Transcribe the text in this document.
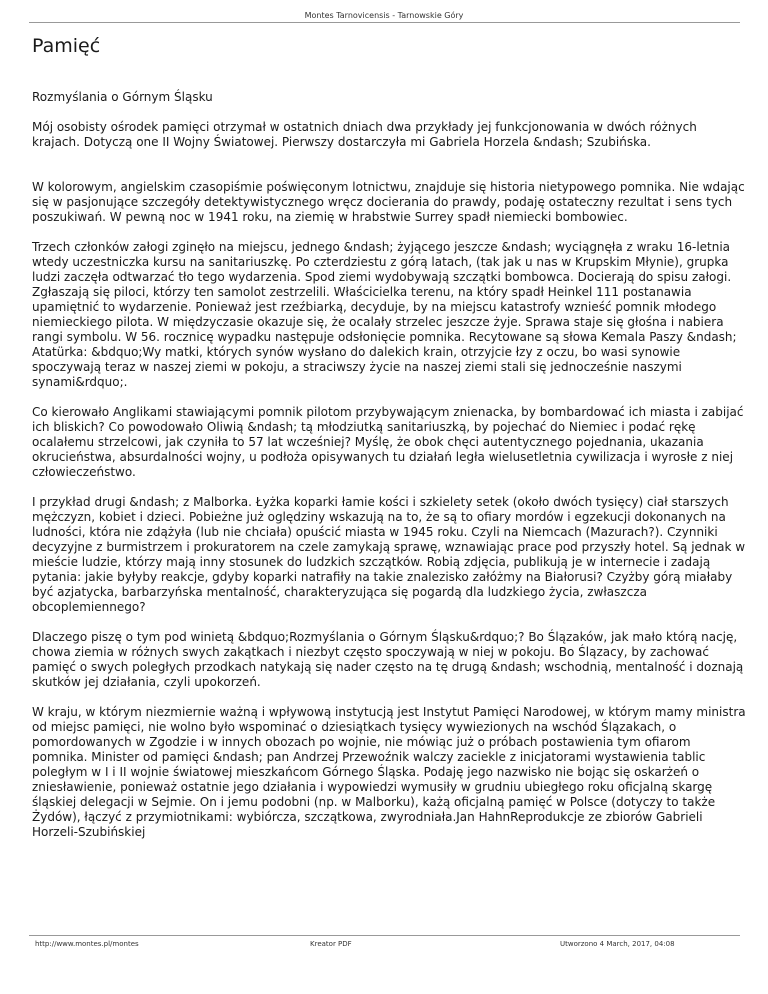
Montes Tarnovicensis - Tarnowskie Góry
Pamięć

Rozmyślania o Górnym Śląsku

Mój osobisty ośrodek pamięci otrzymał w ostatnich dniach dwa przykłady jej funkcjonowania w dwóch różnych krajach. Dotyczą one II Wojny Światowej. Pierwszy dostarczyła mi Gabriela Horzela &ndash; Szubińska.

W kolorowym, angielskim czasopiśmie poświęconym lotnictwu, znajduje się historia nietypowego pomnika. Nie wdając się w pasjonujące szczegóły detektywistycznego wręcz docierania do prawdy, podaję ostateczny rezultat i sens tych poszukiwań. W pewną noc w 1941 roku, na ziemię w hrabstwie Surrey spadł niemiecki bombowiec.

Trzech członków załogi zginęło na miejscu, jednego &ndash; żyjącego jeszcze &ndash; wyciągnęła z wraku 16-letnia wtedy uczestniczka kursu na sanitariuszkę. Po czterdziestu z górą latach, (tak jak u nas w Krupskim Młynie), grupka ludzi zaczęła odtwarzać tło tego wydarzenia. Spod ziemi wydobywają szczątki bombowca. Docierają do spisu załogi. Zgłaszają się piloci, którzy ten samolot zestrzelili. Właścicielka terenu, na który spadł Heinkel 111 postanawia upamiętnić to wydarzenie. Ponieważ jest rzeźbiarką, decyduje, by na miejscu katastrofy wznieść pomnik młodego niemieckiego pilota. W międzyczasie okazuje się, że ocalały strzelec jeszcze żyje. Sprawa staje się głośna i nabiera rangi symbolu. W 56. rocznicę wypadku następuje odsłonięcie pomnika. Recytowane są słowa Kemala Paszy &ndash; Atatürka: &bdquo;Wy matki, których synów wysłano do dalekich krain, otrzyjcie łzy z oczu, bo wasi synowie spoczywają teraz w naszej ziemi w pokoju, a straciwszy życie na naszej ziemi stali się jednocześnie naszymi synami&rdquo;.

Co kierowało Anglikami stawiającymi pomnik pilotom przybywającym znienacka, by bombardować ich miasta i zabijać ich bliskich? Co powodowało Oliwią &ndash; tą młodziutką sanitariuszką, by pojechać do Niemiec i podać rękę ocalałemu strzelcowi, jak czyniła to 57 lat wcześniej? Myślę, że obok chęci autentycznego pojednania, ukazania okrucieństwa, absurdalności wojny, u podłoża opisywanych tu działań legła wielusetletnia cywilizacja i wyrosłe z niej człowieczeństwo.

I przykład drugi &ndash; z Malborka. Łyżka koparki łamie kości i szkielety setek (około dwóch tysięcy) ciał starszych mężczyzn, kobiet i dzieci. Pobieżne już oględziny wskazują na to, że są to ofiary mordów i egzekucji dokonanych na ludności, która nie zdążyła (lub nie chciała) opuścić miasta w 1945 roku. Czyli na Niemcach (Mazurach?). Czynniki decyzyjne z burmistrzem i prokuratorem na czele zamykają sprawę, wznawiając prace pod przyszły hotel. Są jednak w mieście ludzie, którzy mają inny stosunek do ludzkich szczątków. Robią zdjęcia, publikują je w internecie i zadają pytania: jakie byłyby reakcje, gdyby koparki natrafiły na takie znalezisko załóżmy na Białorusi? Czyżby górą miałaby być azjatycka, barbarzyńska mentalność, charakteryzująca się pogardą dla ludzkiego życia, zwłaszcza obcoplemiennego?

Dlaczego piszę o tym pod winietą &bdquo;Rozmyślania o Górnym Śląsku&rdquo;? Bo Ślązaków, jak mało którą nację, chowa ziemia w różnych swych zakątkach i niezbyt często spoczywają w niej w pokoju. Bo Ślązacy, by zachować pamięć o swych poległych przodkach natykają się nader często na tę drugą &ndash; wschodnią, mentalność i doznają skutków jej działania, czyli upokorzeń.

W kraju, w którym niezmiernie ważną i wpływową instytucją jest Instytut Pamięci Narodowej, w którym mamy ministra od miejsc pamięci, nie wolno było wspominać o dziesiątkach tysięcy wywiezionych na wschód Ślązakach, o pomordowanych w Zgodzie i w innych obozach po wojnie, nie mówiąc już o próbach postawienia tym ofiarom pomnika. Minister od pamięci &ndash; pan Andrzej Przewoźnik walczy zaciekle z inicjatorami wystawienia tablic poległym w I i II wojnie światowej mieszkańcom Górnego Śląska. Podaję jego nazwisko nie bojąc się oskarżeń o zniesławienie, ponieważ ostatnie jego działania i wypowiedzi wymusiły w grudniu ubiegłego roku oficjalną skargę śląskiej delegacji w Sejmie. On i jemu podobni (np. w Malborku), każą oficjalną pamięć w Polsce (dotyczy to także Żydów), łączyć z przymiotnikami: wybiórcza, szczątkowa, zwyrodniała.Jan HahnReprodukcje ze zbiorów Gabrieli Horzeli-Szubińskiej

http://www.montes.pl/montes	Kreator PDF	Utworzono 4 March, 2017, 04:08
